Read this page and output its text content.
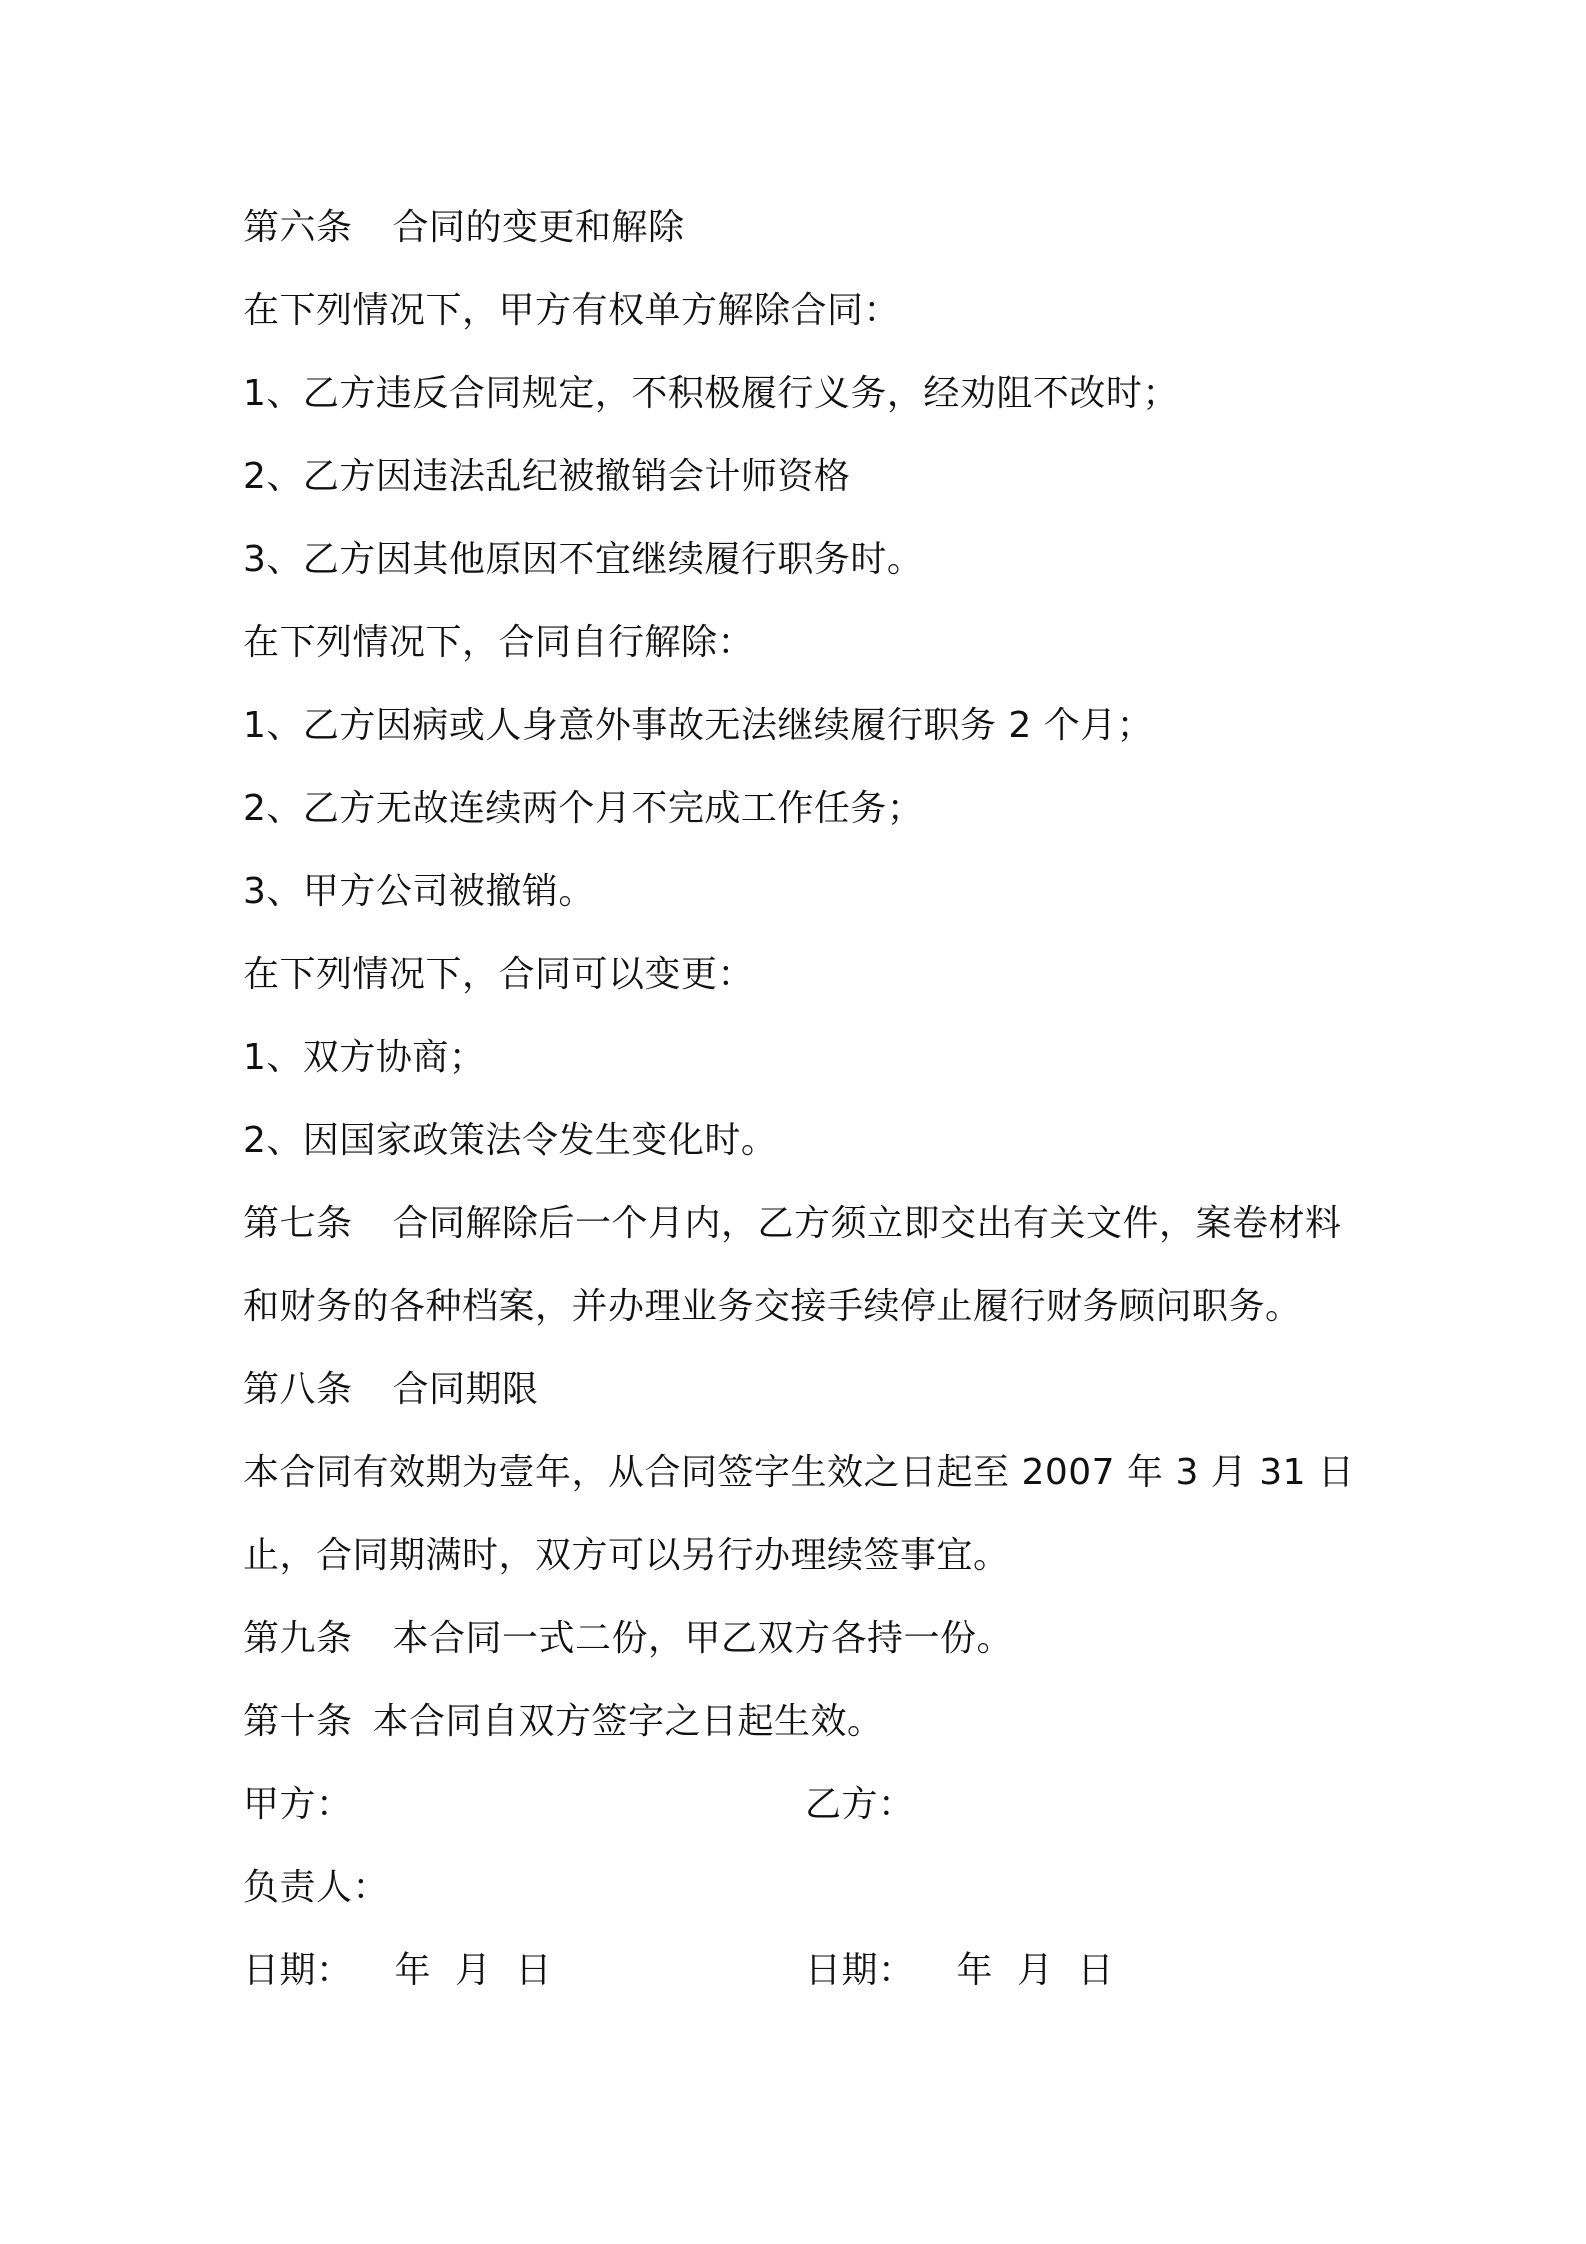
第六条 合同的变更和解除
在下列情况下，甲方有权单方解除合同：
1、乙方违反合同规定，不积极履行义务，经劝阻不改时；
2、乙方因违法乱纪被撤销会计师资格
3、乙方因其他原因不宜继续履行职务时。
在下列情况下，合同自行解除：
1、乙方因病或人身意外事故无法继续履行职务 2 个月；
2、乙方无故连续两个月不完成工作任务；
3、甲方公司被撤销。
在下列情况下，合同可以变更：
1、双方协商；
2、因国家政策法令发生变化时。
第七条 合同解除后一个月内，乙方须立即交出有关文件，案卷材料
和财务的各种档案，并办理业务交接手续停止履行财务顾问职务。
第八条 合同期限
本合同有效期为壹年，从合同签字生效之日起至 2007 年 3 月 31 日
止，合同期满时，双方可以另行办理续签事宜。
第九条 本合同一式二份，甲乙双方各持一份。
第十条 本合同自双方签字之日起生效。
甲方：	乙方：
负责人：
日期： 年 月 日	日期： 年 月 日
